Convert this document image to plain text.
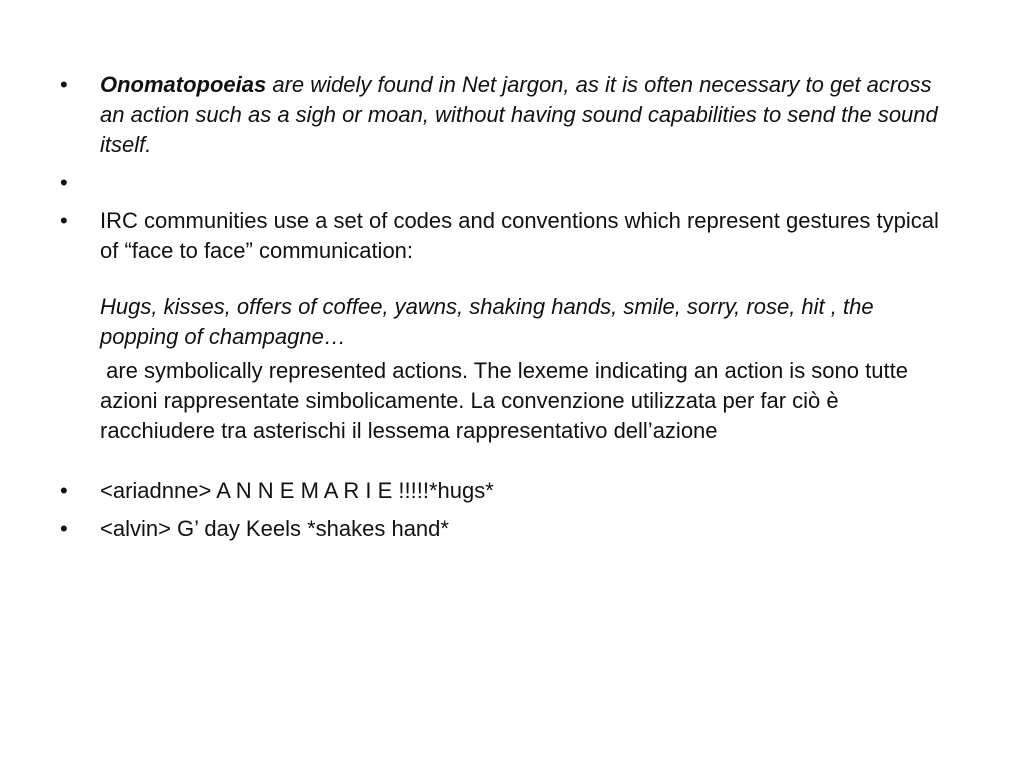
•	Onomatopoeias are widely found in Net jargon, as it is often necessary to get across an action such as a sigh or moan, without having sound capabilities to send the sound itself.
•
•	IRC communities use a set of codes and conventions which represent gestures typical of “face to face” communication:
Hugs, kisses, offers of coffee, yawns, shaking hands, smile, sorry, rose, hit , the popping of champagne…
are symbolically represented actions. The lexeme indicating an action is sono tutte azioni rappresentate simbolicamente. La convenzione utilizzata per far ciò è  racchiudere tra asterischi il lessema rappresentativo dell’azione
•	<ariadnne> A N N E M A R I E !!!!!*hugs*
•	<alvin> G’ day Keels *shakes hand*
